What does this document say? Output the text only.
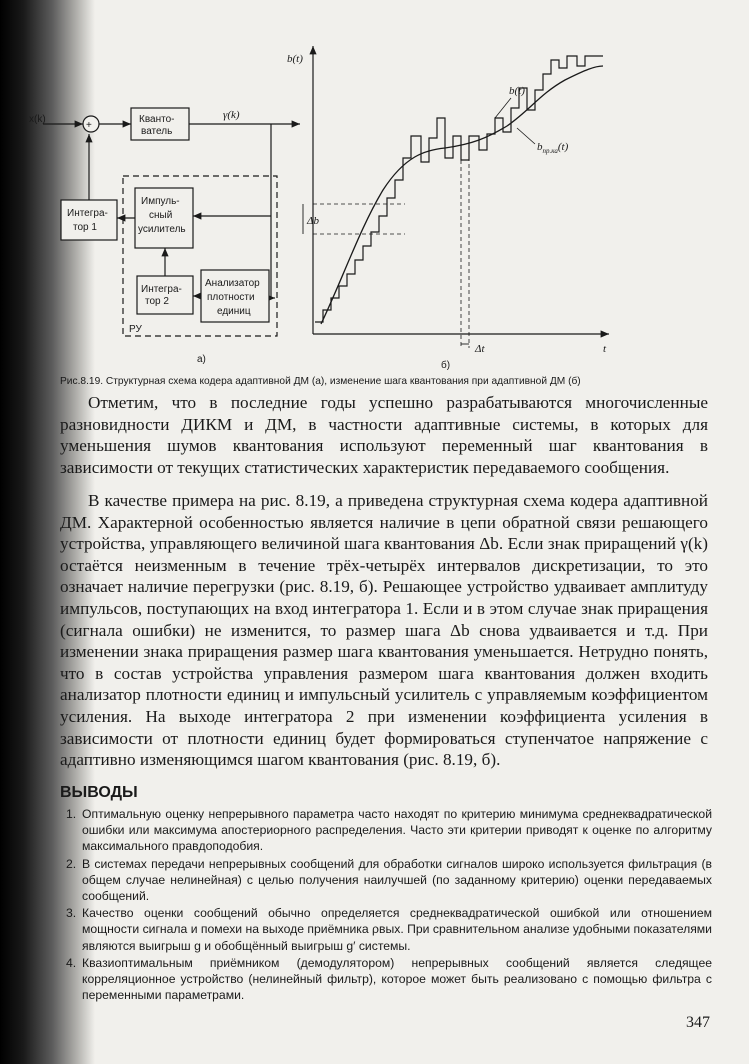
x(k)
+
γ(k)
Кванто-
ватель
Интегра-
тор 1
Импуль-
сный
усилитель
Интегра-
тор 2
Анализатор
плотности
единиц
РУ
а)
b(t)
t
b(t)
$b_{пр.ка}(t)$
Δb
Δt
б)
Рис.8.19. Структурная схема кодера адаптивной ДМ (а), изменение шага квантования при адаптивной ДМ (б)

Отметим, что в последние годы успешно разрабатываются многочисленные разновидности ДИКМ и ДМ, в частности адаптивные системы, в которых для уменьшения шумов квантования используют переменный шаг квантования в зависимости от текущих статистических характеристик передаваемого сообщения.

В качестве примера на рис. 8.19, а приведена структурная схема кодера адаптивной ДМ. Характерной особенностью является наличие в цепи обратной связи решающего устройства, управляющего величиной шага квантования Δb. Если знак приращений γ(k) остаётся неизменным в течение трёх-четырёх интервалов дискретизации, то это означает наличие перегрузки (рис. 8.19, б). Решающее устройство удваивает амплитуду импульсов, поступающих на вход интегратора 1. Если и в этом случае знак приращения (сигнала ошибки) не изменится, то размер шага Δb снова удваивается и т.д. При изменении знака приращения размер шага квантования уменьшается. Нетрудно понять, что в состав устройства управления размером шага квантования должен входить анализатор плотности единиц и импульсный усилитель с управляемым коэффициентом усиления. На выходе интегратора 2 при изменении коэффициента усиления в зависимости от плотности единиц будет формироваться ступенчатое напряжение с адаптивно изменяющимся шагом квантования (рис. 8.19, б).

ВЫВОДЫ
1. Оптимальную оценку непрерывного параметра часто находят по критерию минимума среднеквадратической ошибки или максимума апостериорного распределения. Часто эти критерии приводят к оценке по алгоритму максимального правдоподобия.
2. В системах передачи непрерывных сообщений для обработки сигналов широко используется фильтрация (в общем случае нелинейная) с целью получения наилучшей (по заданному критерию) оценки передаваемых сообщений.
3. Качество оценки сообщений обычно определяется среднеквадратической ошибкой или отношением мощности сигнала и помехи на выходе приёмника ρвых. При сравнительном анализе удобными показателями являются выигрыш g и обобщённый выигрыш g′ системы.
4. Квазиоптимальным приёмником (демодулятором) непрерывных сообщений является следящее корреляционное устройство (нелинейный фильтр), которое может быть реализовано с помощью фильтра с переменными параметрами.
347
